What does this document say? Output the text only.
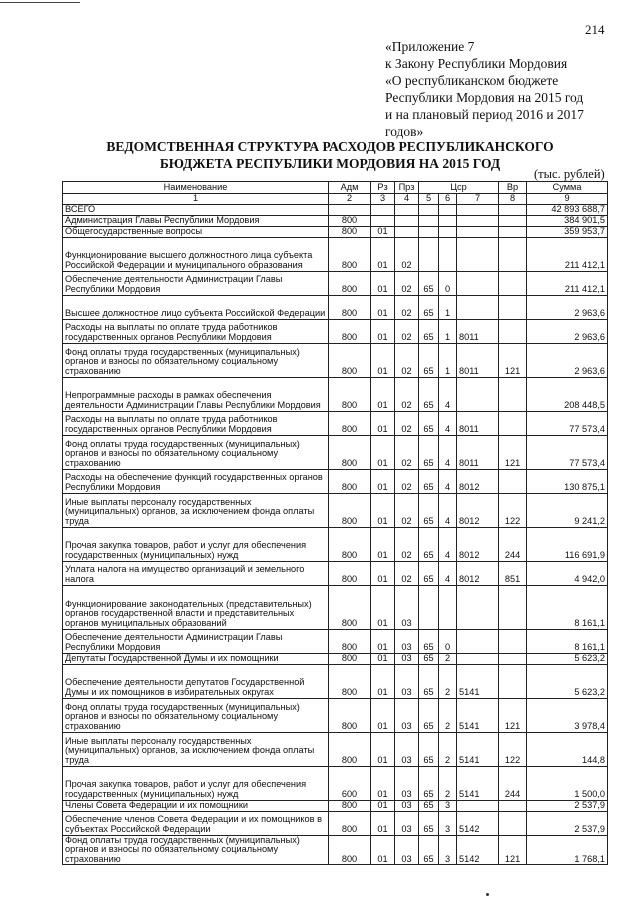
214
«Приложение 7
к Закону Республики Мордовия
«О республиканском бюджете
Республики Мордовия на 2015 год
и на плановый период 2016 и 2017
годов»
ВЕДОМСТВЕННАЯ СТРУКТУРА РАСХОДОВ РЕСПУБЛИКАНСКОГО
БЮДЖЕТА РЕСПУБЛИКИ МОРДОВИЯ НА 2015 ГОД
(тыс. рублей)
Наименование	Адм	Рз	Прз	Цср			Вр	Сумма
1	2	3	4	5	6	7	8	9
ВСЕГО								42 893 688,7
Администрация Главы Республики Мордовия	800							384 901,5
Общегосударственные вопросы	800	01						359 953,7
Функционирование высшего должностного лица субъекта Российской Федерации и муниципального образования	800	01	02					211 412,1
Обеспечение деятельности Администрации Главы Республики Мордовия	800	01	02	65	0			211 412,1
Высшее должностное лицо субъекта Российской Федерации	800	01	02	65	1			2 963,6
Расходы на выплаты по оплате труда работников государственных органов Республики Мордовия	800	01	02	65	1	8011		2 963,6
Фонд оплаты труда государственных (муниципальных) органов и взносы по обязательному социальному страхованию	800	01	02	65	1	8011	121	2 963,6
Непрограммные расходы в рамках обеспечения деятельности Администрации Главы Республики Мордовия	800	01	02	65	4			208 448,5
Расходы на выплаты по оплате труда работников государственных органов Республики Мордовия	800	01	02	65	4	8011		77 573,4
Фонд оплаты труда государственных (муниципальных) органов и взносы по обязательному социальному страхованию	800	01	02	65	4	8011	121	77 573,4
Расходы на обеспечение функций государственных органов Республики Мордовия	800	01	02	65	4	8012		130 875,1
Иные выплаты персоналу государственных (муниципальных) органов, за исключением фонда оплаты труда	800	01	02	65	4	8012	122	9 241,2
Прочая закупка товаров, работ и услуг для обеспечения государственных (муниципальных) нужд	800	01	02	65	4	8012	244	116 691,9
Уплата налога на имущество организаций и земельного налога	800	01	02	65	4	8012	851	4 942,0
Функционирование законодательных (представительных) органов государственной власти и представительных органов муниципальных образований	800	01	03					8 161,1
Обеспечение деятельности Администрации Главы Республики Мордовия	800	01	03	65	0			8 161,1
Депутаты Государственной Думы и их помощники	800	01	03	65	2			5 623,2
Обеспечение деятельности депутатов Государственной Думы и их помощников в избирательных округах	800	01	03	65	2	5141		5 623,2
Фонд оплаты труда государственных (муниципальных) органов и взносы по обязательному социальному страхованию	800	01	03	65	2	5141	121	3 978,4
Иные выплаты персоналу государственных (муниципальных) органов, за исключением фонда оплаты труда	800	01	03	65	2	5141	122	144,8
Прочая закупка товаров, работ и услуг для обеспечения государственных (муниципальных) нужд	600	01	03	65	2	5141	244	1 500,0
Члены Совета Федерации и их помощники	800	01	03	65	3			2 537,9
Обеспечение членов Совета Федерации и их помощников в субъектах Российской Федерации	800	01	03	65	3	5142		2 537,9
Фонд оплаты труда государственных (муниципальных) органов и взносы по обязательному социальному страхованию	800	01	03	65	3	5142	121	1 768,1
